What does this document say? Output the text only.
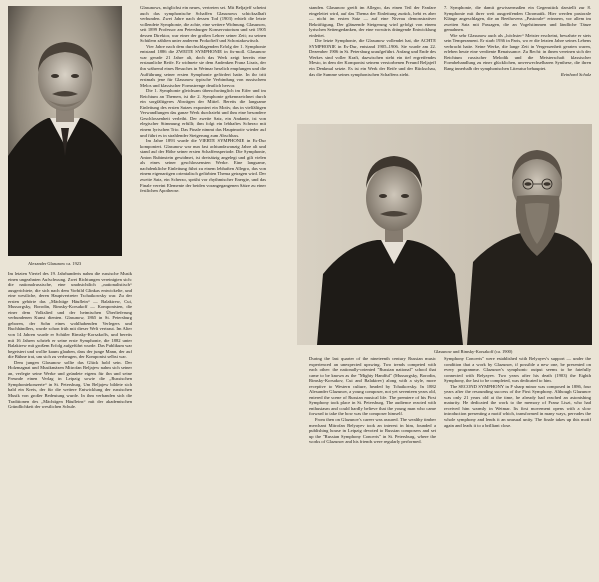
Alexander Glasunow ca. 1923

Im letzten Viertel des 19. Jahrhunderts nahm die russische Musik einen ungeahnten Aufschwung. Zwei Richtungen vereinigten sich: die nationalrussische, eine unabsichtlich „nationalistisch“ ausgerichtete, die sich nach dem Vorbild Glinkas entwickelte, und eine westliche, deren Hauptvertreter Tschaikowsky war. Zu der ersten gehörte das „Mächtige Häuflein“ — Balakirew, Cui, Mussorgsky, Borodin, Rimsky-Korsakoff — Komponisten, die einer dem Volkslied und der heimischen Überlieferung verbundenen Kunst dienten. Glasunow, 1865 in St. Petersburg geboren, der Sohn eines wohlhabenden Verlegers und Buchhändlers, wurde schon früh mit dieser Welt vertraut. Im Alter von 14 Jahren wurde er Schüler Rimsky-Korsakoffs, und bereits mit 16 Jahren schrieb er seine erste Symphonie, die 1882 unter Balakirew mit großem Erfolg aufgeführt wurde. Das Publikum war begeistert und wollte kaum glauben, dass der junge Mann, der auf die Bühne trat, um sich zu verbeugen, der Komponist selbst war.

Dem jungen Glasunow sollte das Glück hold sein. Der Holzmagnat und Musikmäzen Mitrofan Beljajew nahm sich seiner an, verlegte seine Werke und gründete eigens für ihn und seine Freunde einen Verlag in Leipzig sowie die „Russischen Symphoniekonzerte“ in St. Petersburg. Um Beljajew bildete sich bald ein Kreis, der für die weitere Entwicklung der russischen Musik von großer Bedeutung wurde. In ihm verbanden sich die Traditionen des „Mächtigen Häufleins“ mit der akademischen Gründlichkeit der westlichen Schule.

Glasunows, möglichst ein neues, vertreten sei. Mit Beljajeff scheint auch das symphonische Schaffen Glasunows schicksalhaft verbunden. Zwei Jahre nach dessen Tod (1903) erhielt die letzte vollendete Symphonie, die achte, eine weitere Widmung. Glasunow, seit 1899 Professor am Petersburger Konservatorium und seit 1905 dessen Direktor, war einer der großen Lehrer seiner Zeit; zu seinen Schülern zählten unter anderem Prokofieff und Schostakowitsch.

Vier Jahre nach dem durchschlagenden Erfolg der 1. Symphonie entstand 1886 die ZWEITE SYMPHONIE in fis-moll. Glasunow war gerade 21 Jahre alt, doch das Werk zeigt bereits eine erstaunliche Reife. Er widmete sie dem Andenken Franz Liszts, der ihn während eines Besuches in Weimar herzlich empfangen und die Aufführung seiner ersten Symphonie gefördert hatte. In ihr tritt erstmals jene für Glasunow typische Verbindung von russischem Melos und klassischer Formstrenge deutlich hervor.

Die 1. Symphonie gleichsam überschwänglich im Eifer und im Reichtum an Themen, ist die 2. Symphonie gekennzeichnet durch ein sorgfältigeres Abwägen der Mittel. Bereits die langsame Einleitung des ersten Satzes exponiert ein Motiv, das in vielfältigen Verwandlungen das ganze Werk durchzieht und ihm eine besondere Geschlossenheit verleiht. Der zweite Satz, ein Andante, ist von elegischer Stimmung erfüllt; ihm folgt ein lebhaftes Scherzo mit einem lyrischen Trio. Das Finale nimmt das Hauptmotiv wieder auf und führt es in strahlender Steigerung zum Abschluss.

Im Jahre 1893 wurde die VIERTE SYMPHONIE in Es-Dur komponiert. Glasunow war nun fast achtundzwanzig Jahre alt und stand auf der Höhe seiner ersten Schaffensperiode. Die Symphonie, Anton Rubinstein gewidmet, ist dreisätzig angelegt und gilt vielen als eines seiner geschlossensten Werke. Eine langsame, nachdenkliche Einleitung führt zu einem lebhaften Allegro, das von einem eigenartigen orientalisch gefärbten Thema getragen wird. Der zweite Satz, ein Scherzo, sprüht vor rhythmischer Energie, und das Finale vereint Elemente der beiden vorangegangenen Sätze zu einer festlichen Apotheose.

standen. Glasunow greift im Allegro, das einen Teil der Fanfare eingeleitet wird, auf das Thema der Einleitung zurück, hebt es aber — nicht im ersten Satz — auf eine Niveau demonstrativer Bekräftigung. Der glänzende Steigerung wird gefolgt von einem lyrischen Seitengedanken, der eine vorwärts drängende Entwicklung einleitet.

Die letzte Symphonie, die Glasunow vollendet hat, die ACHTE SYMPHONIE in Es-Dur, entstand 1905–1906. Sie wurde am 22. Dezember 1906 in St. Petersburg uraufgeführt. Anfang und Ende des Werkes sind voller Kraft, dazwischen steht ein tief ergreifendes Mesto, in dem der Komponist seinem verstorbenen Freund Beljajeff ein Denkmal setzte. Es ist ein Werk der Reife und der Rückschau, das die Summe seines symphonischen Schaffens zieht.

7. Symphonie, die damit gewissermaßen ein Gegenstück darstellt zur 8. Symphonie mit ihrer weit ausgreifenden Chromatik. Hier werden pastorale Klänge angeschlagen, die an Beethovens „Pastorale“ erinnern, vor allem im zweiten Satz mit Passagen, die an Vogelstimmen und ländliche Tänze gemahnen.

Wie sehr Glasunow auch als „höchster“ Meister erscheint, bewahrte er stets sein Temperament. Er starb 1936 in Paris, wo er die letzten Jahre seines Lebens verbracht hatte. Seine Werke, die lange Zeit in Vergessenheit geraten waren, erleben heute eine verdiente Renaissance. Zu Recht: in ihnen vereinen sich der Reichtum russischer Melodik und die Meisterschaft klassischer Formbehandlung zu einer glücklichen, unverwechselbaren Synthese, die ihren Rang innerhalb der symphonischen Literatur behauptet.

Reinhard Schulz

Glasunow und Rimsky-Korsakoff (ca. 1900)

During the last quarter of the nineteenth century Russian music experienced an unexpected upswing. Two trends competed with each other: the nationally-oriented "Russian national" school that came to be known as the "Mighty Handful" (Mussorgsky, Borodin, Rimsky-Korsakov, Cui and Balakirev) along with a style, more receptive to Western culture, headed by Tchaikovsky. In 1882 Alexander Glazunov, a young composer, not yet seventeen years old, entered the scene of Russian musical life. The premiere of his First Symphony took place in St. Petersburg. The audience reacted with enthusiasm and could hardly believe that the young man who came forward to take the bow was the composer himself.

From then on Glazunov's career was assured. The wealthy timber merchant Mitrofan Belyayev took an interest in him, founded a publishing house in Leipzig devoted to Russian composers and set up the "Russian Symphony Concerts" in St. Petersburg, where the works of Glazunov and his friends were regularly performed.

Symphony Concerts" were established with Belyayev's support — under the condition that a work by Glazunov, if possible a new one, be presented on every programme. Glazunov's symphonic output seems to be fatefully connected with Belyayev. Two years after his death (1903) the Eighth Symphony, the last to be completed, was dedicated to him.

The SECOND SYMPHONY in F sharp minor was composed in 1886, four years after the resounding success of the First Symphony. Although Glazunov was only 21 years old at the time, he already had reached an astonishing maturity. He dedicated the work to the memory of Franz Liszt, who had received him warmly in Weimar. Its first movement opens with a slow introduction presenting a motif which, transformed in many ways, pervades the whole symphony and lends it an unusual unity. The finale takes up this motif again and leads it to a brilliant close.
